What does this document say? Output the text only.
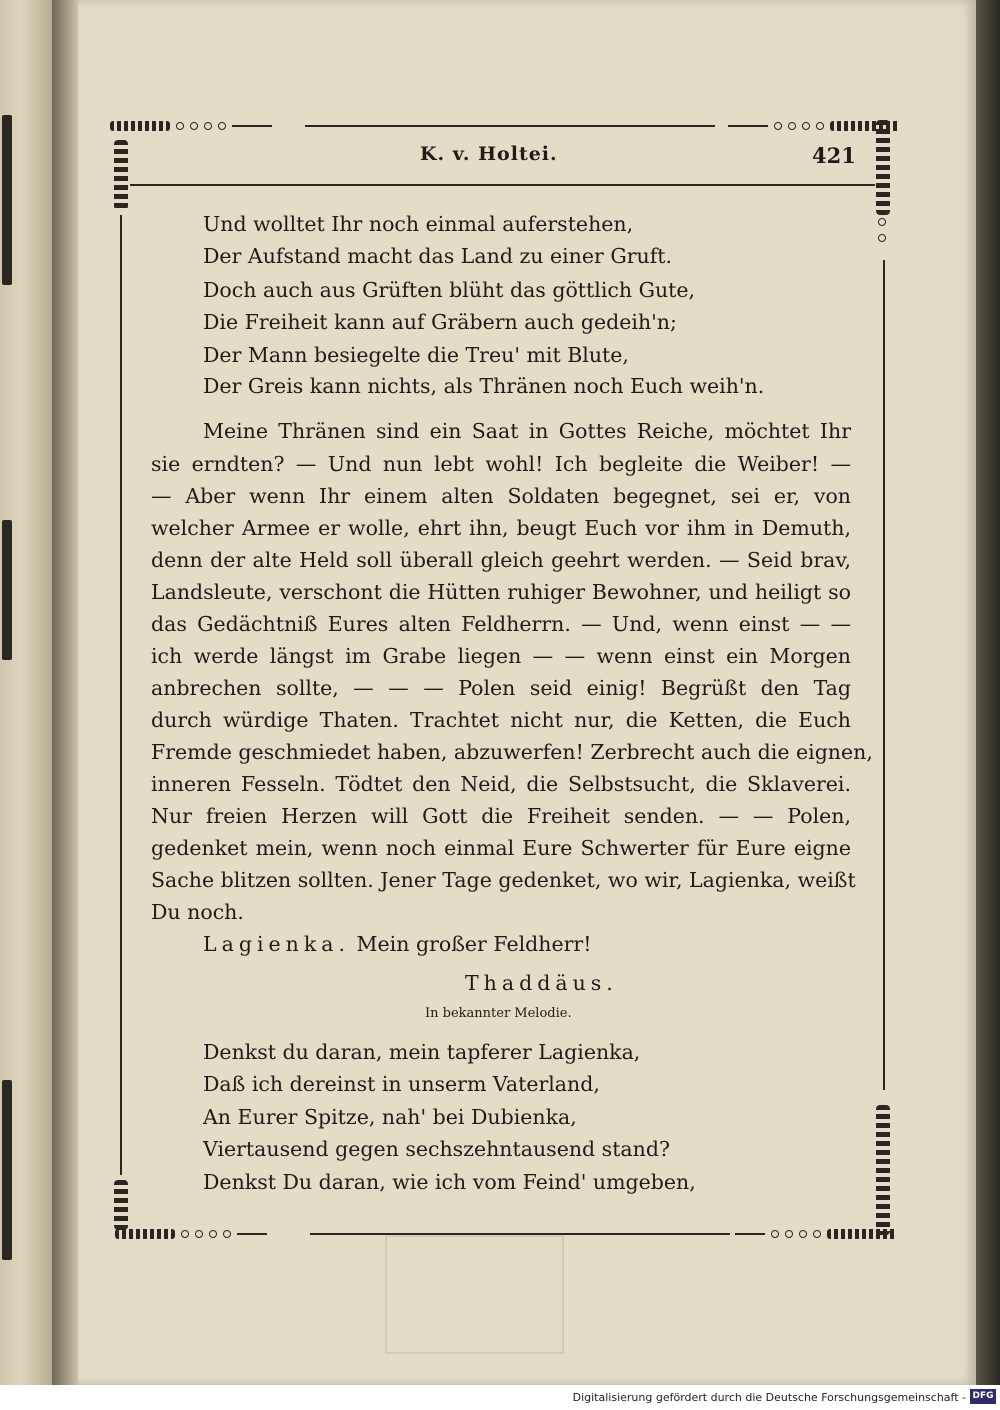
K. v. Holtei.	421
Und wolltet Ihr noch einmal auferstehen,
Der Aufstand macht das Land zu einer Gruft.
Doch auch aus Grüften blüht das göttlich Gute,
Die Freiheit kann auf Gräbern auch gedeih'n;
Der Mann besiegelte die Treu' mit Blute,
Der Greis kann nichts, als Thränen noch Euch weih'n.
Meine Thränen sind ein Saat in Gottes Reiche, möchtet Ihr
sie erndten? — Und nun lebt wohl! Ich begleite die Weiber! —
— Aber wenn Ihr einem alten Soldaten begegnet, sei er, von
welcher Armee er wolle, ehrt ihn, beugt Euch vor ihm in Demuth,
denn der alte Held soll überall gleich geehrt werden. — Seid brav,
Landsleute, verschont die Hütten ruhiger Bewohner, und heiligt so
das Gedächtniß Eures alten Feldherrn. — Und, wenn einst — —
ich werde längst im Grabe liegen — — wenn einst ein Morgen
anbrechen sollte, — — — Polen seid einig! Begrüßt den Tag
durch würdige Thaten. Trachtet nicht nur, die Ketten, die Euch
Fremde geschmiedet haben, abzuwerfen! Zerbrecht auch die eignen,
inneren Fesseln. Tödtet den Neid, die Selbstsucht, die Sklaverei.
Nur freien Herzen will Gott die Freiheit senden. — — Polen,
gedenket mein, wenn noch einmal Eure Schwerter für Eure eigne
Sache blitzen sollten. Jener Tage gedenket, wo wir, Lagienka, weißt
Du noch.
Lagienka. Mein großer Feldherr!
Thaddäus.
In bekannter Melodie.
Denkst du daran, mein tapferer Lagienka,
Daß ich dereinst in unserm Vaterland,
An Eurer Spitze, nah' bei Dubienka,
Viertausend gegen sechszehntausend stand?
Denkst Du daran, wie ich vom Feind' umgeben,
Digitalisierung gefördert durch die Deutsche Forschungsgemeinschaft - DFG
